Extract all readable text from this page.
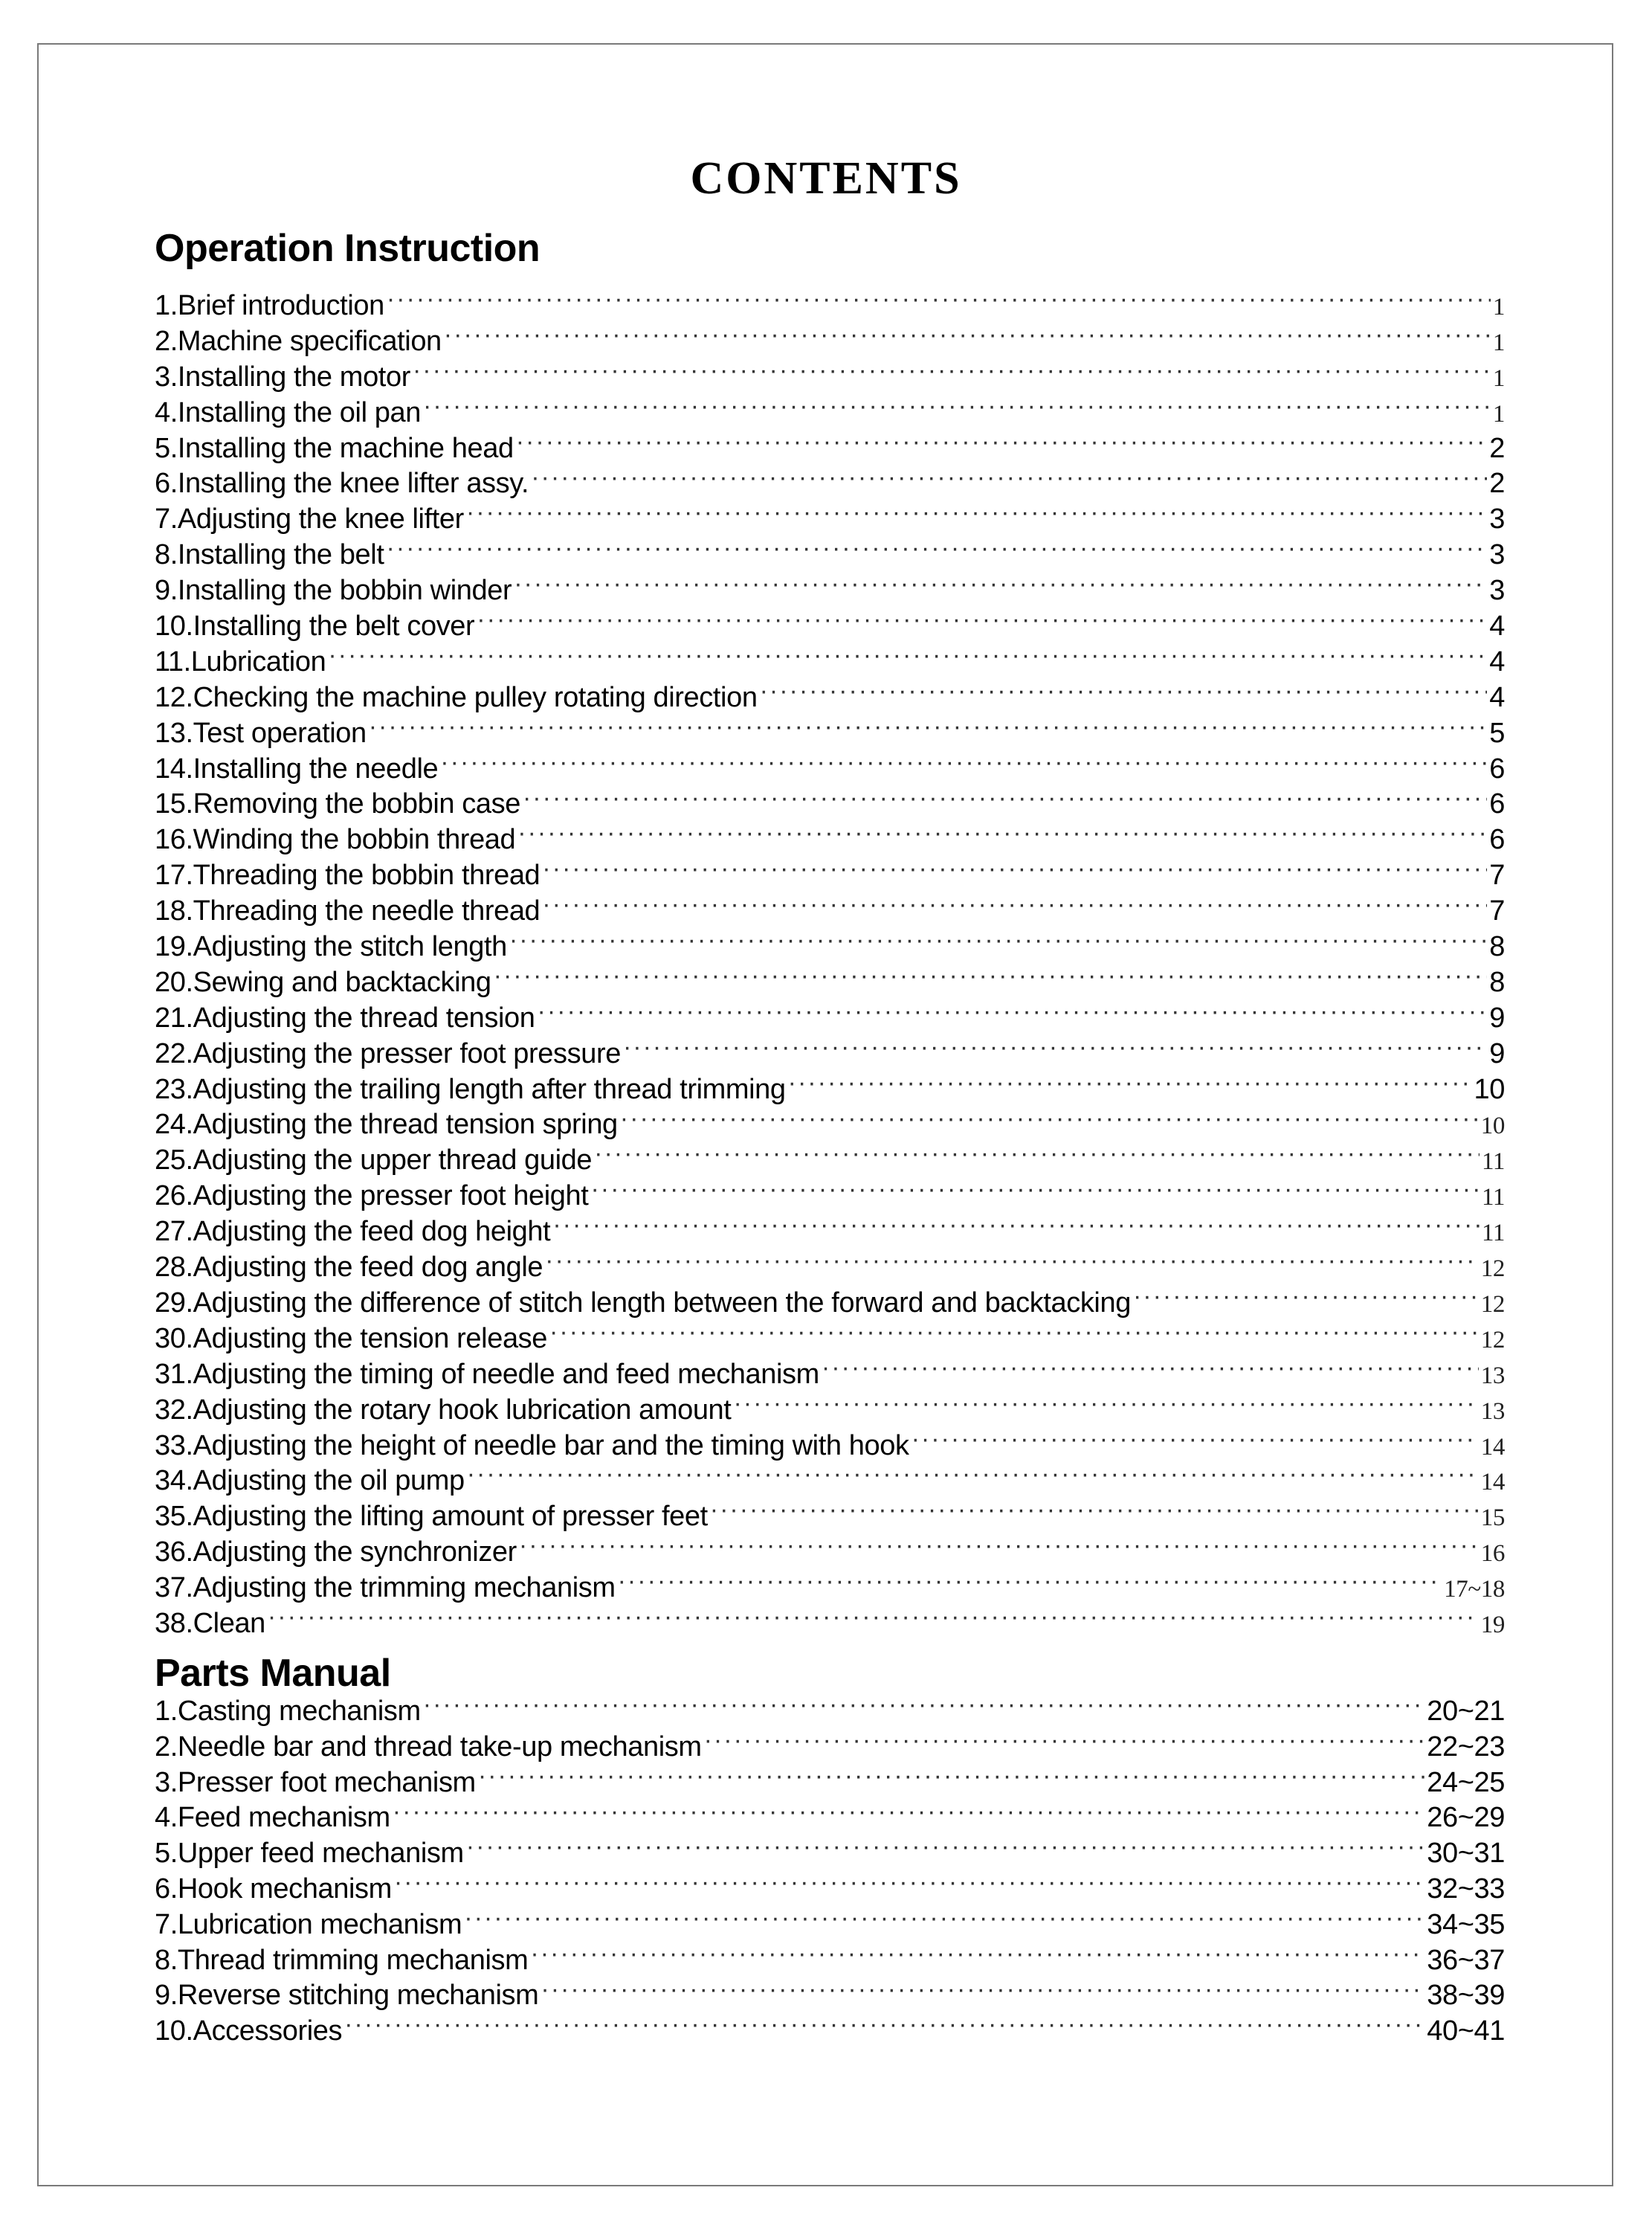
CONTENTS
Operation Instruction
1.Brief introduction ·····	1
2.Machine specification ·····	1
3.Installing the motor ·····	1
4.Installing the oil pan ·····	1
5.Installing the machine head ·····	2
6.Installing the knee lifter assy. ·····	2
7.Adjusting the knee lifter ·····	3
8.Installing the belt ·····	3
9.Installing the bobbin winder ·····	3
10.Installing the belt cover ·····	4
11.Lubrication ·····	4
12.Checking the machine pulley rotating direction ·····	4
13.Test operation ·····	5
14.Installing the needle ·····	6
15.Removing the bobbin case ·····	6
16.Winding the bobbin thread ·····	6
17.Threading the bobbin thread ·····	7
18.Threading the needle thread ·····	7
19.Adjusting the stitch length ·····	8
20.Sewing and backtacking ·····	8
21.Adjusting the thread tension ·····	9
22.Adjusting the presser foot pressure ·····	9
23.Adjusting the trailing length after thread trimming ·····	10
24.Adjusting the thread tension spring ·····	10
25.Adjusting the upper thread guide ·····	11
26.Adjusting the presser foot height ·····	11
27.Adjusting the feed dog height ·····	11
28.Adjusting the feed dog angle ·····	12
29.Adjusting the difference of stitch length between the forward and backtacking ·····	12
30.Adjusting the tension release ·····	12
31.Adjusting the timing of needle and feed mechanism ·····	13
32.Adjusting the rotary hook lubrication amount ·····	13
33.Adjusting the height of needle bar and the timing with hook ·····	14
34.Adjusting the oil pump ·····	14
35.Adjusting the lifting amount of presser feet ·····	15
36.Adjusting the synchronizer ·····	16
37.Adjusting the trimming mechanism ·····	17~18
38.Clean ·····	19
Parts Manual
1.Casting mechanism ·····	20~21
2.Needle bar and thread take-up mechanism ·····	22~23
3.Presser foot mechanism ·····	24~25
4.Feed mechanism ·····	26~29
5.Upper feed mechanism ·····	30~31
6.Hook mechanism ·····	32~33
7.Lubrication mechanism ·····	34~35
8.Thread trimming mechanism ·····	36~37
9.Reverse stitching mechanism ·····	38~39
10.Accessories ·····	40~41
